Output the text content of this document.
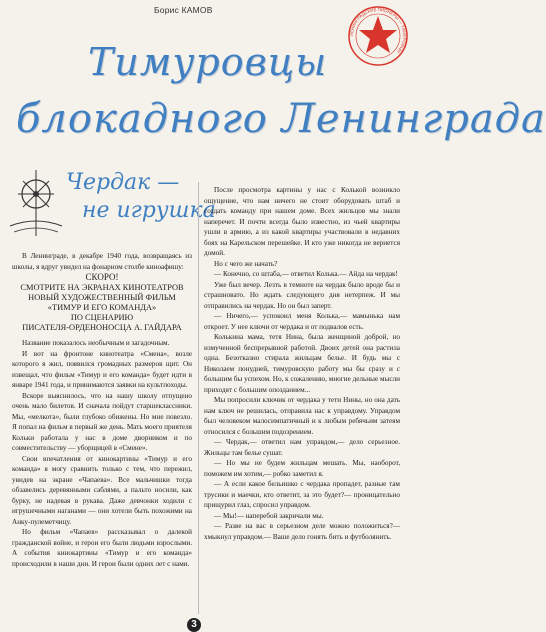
Борис КАМОВ
ЛЕНИНГРАДСКИЕ ПИОНЕРЫ — ТИМУРОВЦЫ
Тимуровцы
блокадного Ленинграда
Чердак —
не игрушка

В Ленинграде, в декабре 1940 года, возвращаясь из школы, я вдруг увидел на фонарном столбе киноафишу:

СКОРО!
СМОТРИТЕ НА ЭКРАНАХ КИНОТЕАТРОВ
НОВЫЙ ХУДОЖЕСТВЕННЫЙ ФИЛЬМ
«ТИМУР И ЕГО КОМАНДА»
ПО СЦЕНАРИЮ
ПИСАТЕЛЯ-ОРДЕНОНОСЦА А. ГАЙДАРА

Название показалось необычным и загадочным.

И вот на фронтоне кинотеатра «Смена», возле которого я жил, появился громадных размеров щит. Он извещал, что фильм «Тимур и его команда» будет идти в январе 1941 года, и принимаются заявки на культпоходы.

Вскоре выяснилось, что на нашу школу отпущено очень мало билетов. И сначала пойдут старшеклассники. Мы, «мелкота», были глубоко обижены. Но мне повезло. Я попал на фильм в первый же день. Мать моего приятеля Кольки работала у нас в доме дворником и по совместительству — уборщицей в «Смене».

Свои впечатления от кинокартины «Тимур и его команда» я могу сравнить только с тем, что пережил, увидев на экране «Чапаева». Все мальчишки тогда обзавелись деревянными саблями, а пальто носили, как бурку, не надевая в рукава. Даже девчонки ходили с игрушечными наганами — они хотели быть похожими на Анку-пулеметчицу.

Но фильм «Чапаев» рассказывал о далекой гражданской войне, и герои его были людьми взрослыми. А события кинокартины «Тимур и его команда» происходили в наши дни. И герои были одних лет с нами.

После просмотра картины у нас с Колькой возникло ощущение, что нам ничего не стоит оборудовать штаб и создать команду при нашем доме. Всех жильцов мы знали наперечет. И почти всегда было известно, из чьей квартиры ушли в армию, а из какой квартиры участвовали в недавних боях на Карельском перешейке. И кто уже никогда не вернется домой.

Но с чего же начать?

— Конечно, со штаба,— ответил Колька.— Айда на чердак!

Уже был вечер. Лезть в темноте на чердак было вроде бы и страшновато. Но ждать следующего дня нетерпеж. И мы отправились на чердак. Но он был заперт.

— Ничего,— успокоил меня Колька,— мамынька нам откроет. У нее ключи от чердака и от подвалов есть.

Колькина мама, тетя Нина, была женщиной доброй, но измученной беспрерывной работой. Двоих детей она растила одна. Безотказно стирала жильцам белье. И будь мы с Николаем понудней, тимуровскую работу мы бы сразу и с большим бы успехом. Но, к сожалению, многие дельные мысли приходят с большим опозданием...

Мы попросили ключик от чердака у тети Нины, но она дать нам ключ не решилась, отправила нас к управдому. Управдом был человеком малосимпатичный и к любым ребячьим затеям относился с большим подозрением.

— Чердак,— ответил нам управдом,— дело серьезное. Жильцы там белье сушат.

— Но мы не будем жильцам мешать. Мы, наоборот, поможем им хотим,— робко заметил я.

— А если какое бельишко с чердака пропадет, разные там трусики и маечки, кто ответит, за это будет?— проницательно прищурил глаз, спросил управдом.

— Мы!— наперебой закричали мы.

— Разве на вас в серьезном деле можно положиться?— хмыкнул управдом.— Ваше дело гонять бить и футболянить.

3
